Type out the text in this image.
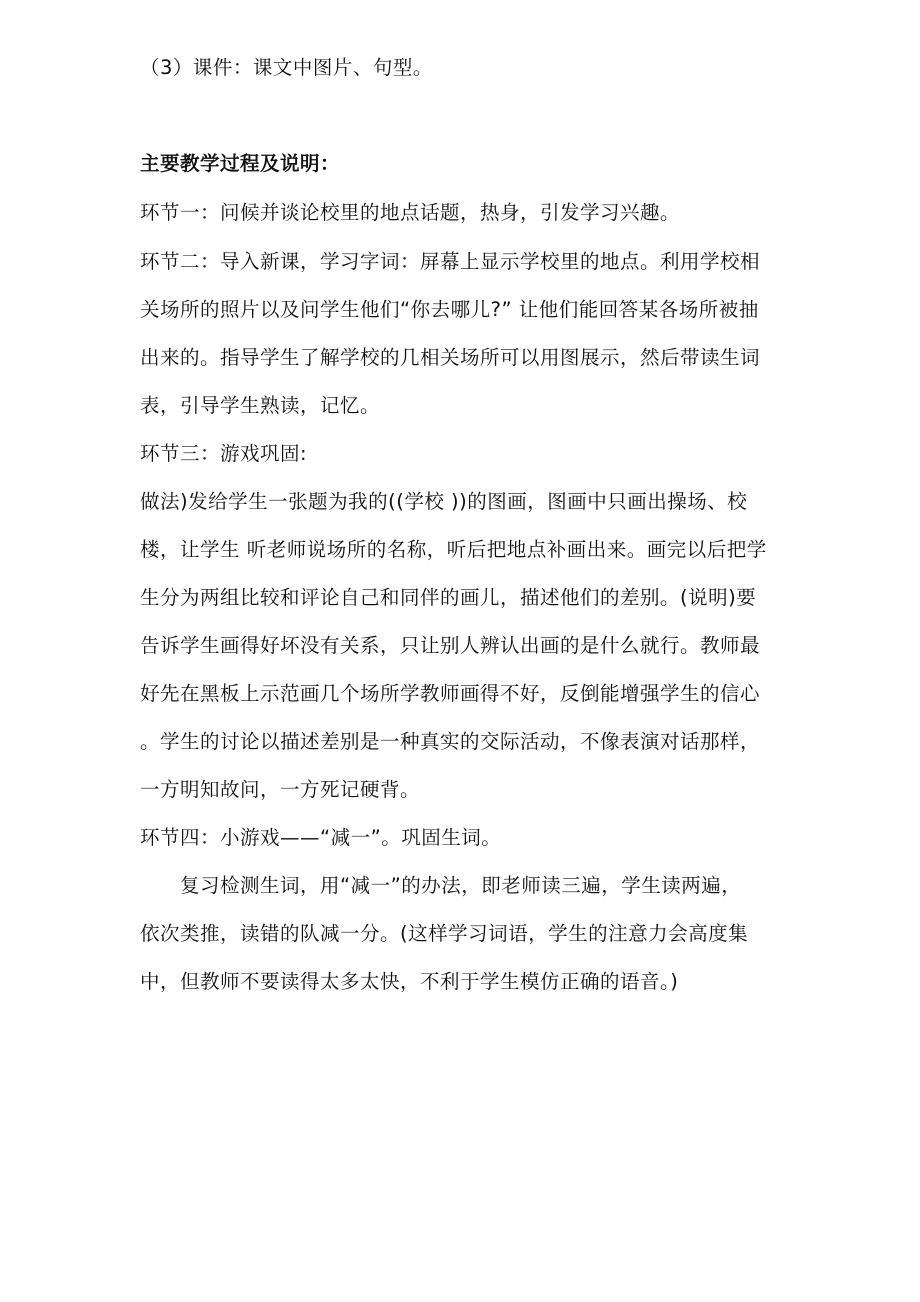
（3）课件：课文中图片、句型。
主要教学过程及说明：
环节一：问候并谈论校里的地点话题，热身，引发学习兴趣。
环节二：导入新课，学习字词：屏幕上显示学校里的地点。利用学校相
关场所的照片以及问学生他们“你去哪儿?” 让他们能回答某各场所被抽
出来的。指导学生了解学校的几相关场所可以用图展示，然后带读生词
表，引导学生熟读，记忆。
环节三：游戏巩固:
做法)发给学生一张题为我的((学校 ))的图画，图画中只画出操场、校
楼，让学生 听老师说场所的名称，听后把地点补画出来。画完以后把学
生分为两组比较和评论自己和同伴的画儿，描述他们的差别。(说明)要
告诉学生画得好坏没有关系，只让别人辨认出画的是什么就行。教师最
好先在黑板上示范画几个场所学教师画得不好，反倒能增强学生的信心
。学生的讨论以描述差别是一种真实的交际活动，不像表演对话那样，
一方明知故问，一方死记硬背。
环节四：小游戏——“减一”。巩固生词。
复习检测生词，用“减一”的办法，即老师读三遍，学生读两遍，
依次类推，读错的队减一分。(这样学习词语，学生的注意力会高度集
中，但教师不要读得太多太快，不利于学生模仿正确的语音。)
